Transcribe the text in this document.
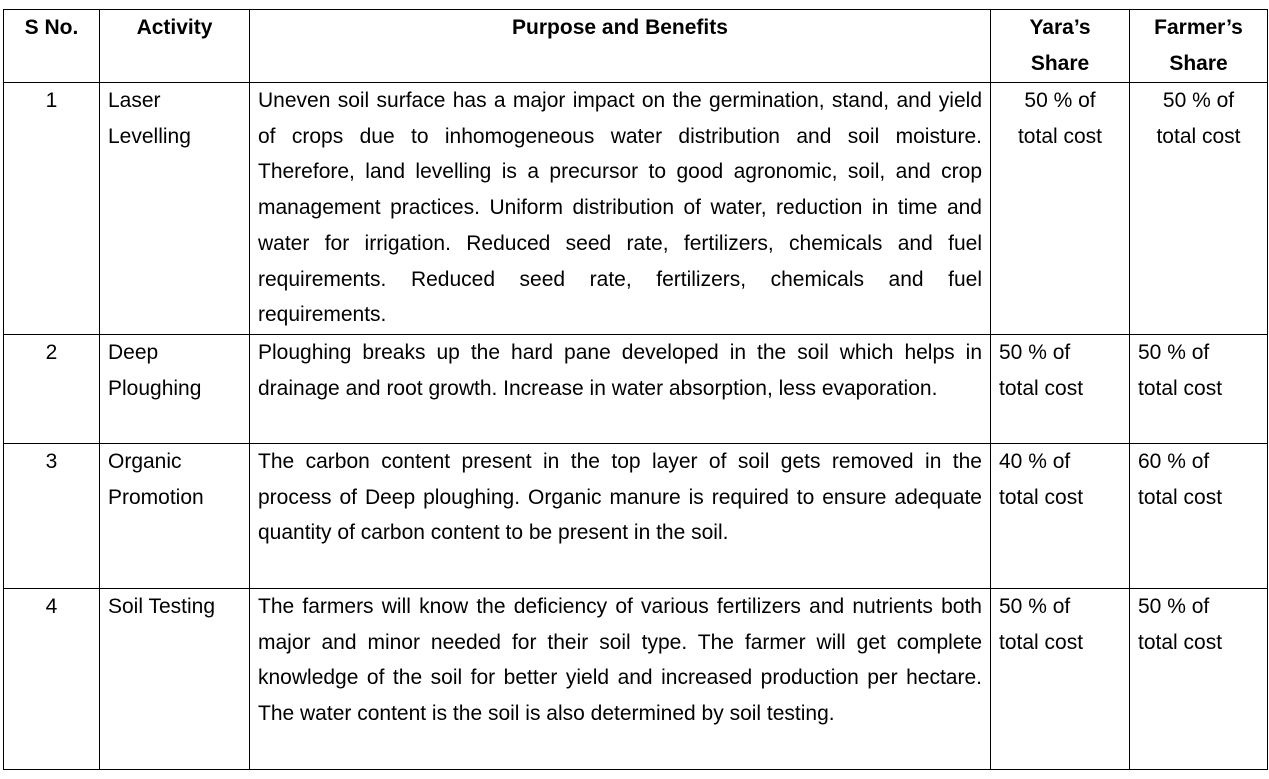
S No.	Activity	Purpose and Benefits	Yara’s
Share	Farmer’s
Share

1	Laser
Levelling	Uneven soil surface has a major impact on the germination, stand, and yield of crops due to inhomogeneous water distribution and soil moisture. Therefore, land levelling is a precursor to good agronomic, soil, and crop management practices. Uniform distribution of water, reduction in time and water for irrigation. Reduced seed rate, fertilizers, chemicals and fuel requirements. Reduced seed rate, fertilizers, chemicals and fuel requirements.	50 % of
total cost	50 % of
total cost

2	Deep
Ploughing	Ploughing breaks up the hard pane developed in the soil which helps in drainage and root growth. Increase in water absorption, less evaporation.	50 % of
total cost	50 % of
total cost

3	Organic
Promotion	The carbon content present in the top layer of soil gets removed in the process of Deep ploughing. Organic manure is required to ensure adequate quantity of carbon content to be present in the soil.	40 % of
total cost	60 % of
total cost

4	Soil Testing	The farmers will know the deficiency of various fertilizers and nutrients both major and minor needed for their soil type. The farmer will get complete knowledge of the soil for better yield and increased production per hectare. The water content is the soil is also determined by soil testing.	50 % of
total cost	50 % of
total cost
